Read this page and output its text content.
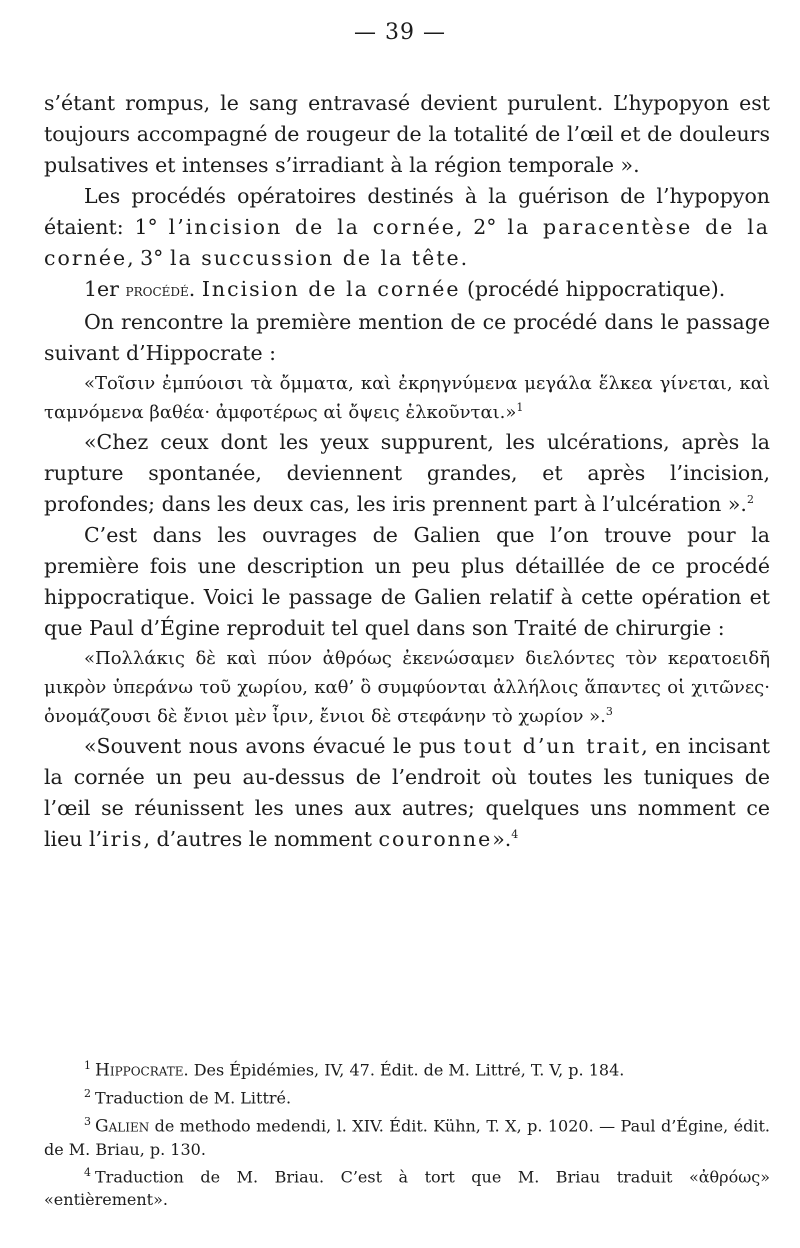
— 39 —

s’étant rompus, le sang entravasé devient purulent. L’hypopyon est toujours accompagné de rougeur de la totalité de l’œil et de douleurs pulsatives et intenses s’irradiant à la région temporale ».

Les procédés opératoires destinés à la guérison de l’hypopyon étaient: 1° l’incision de la cornée, 2° la paracentèse de la cornée, 3° la succussion de la tête.

1er procédé. Incision de la cornée (procédé hippocratique).

On rencontre la première mention de ce procédé dans le passage suivant d’Hippocrate :

«Τοῖσιν ἐμπύοισι τὰ ὄμματα, καὶ ἐκρηγνύμενα μεγάλα ἕλκεα γίνεται, καὶ ταμνόμενα βαθέα· ἀμφοτέρως αἱ ὄψεις ἑλκοῦνται.»$^1$

«Chez ceux dont les yeux suppurent, les ulcérations, après la rupture spontanée, deviennent grandes, et après l’incision, profondes; dans les deux cas, les iris prennent part à l’ulcération ».$^2$

C’est dans les ouvrages de Galien que l’on trouve pour la première fois une description un peu plus détaillée de ce procédé hippocratique. Voici le passage de Galien relatif à cette opération et que Paul d’Égine reproduit tel quel dans son Traité de chirurgie :

«Πολλάκις δὲ καὶ πύον ἀθρόως ἐκενώσαμεν διελόντες τὸν κερατοειδῆ μικρὸν ὑπεράνω τοῦ χωρίου, καθ’ ὃ συμφύονται ἀλλήλοις ἅπαντες οἱ χιτῶνες· ὀνομάζουσι δὲ ἔνιοι μὲν ἶριν, ἔνιοι δὲ στεφάνην τὸ χωρίον ».$^3$

«Souvent nous avons évacué le pus tout d’un trait, en incisant la cornée un peu au-dessus de l’endroit où toutes les tuniques de l’œil se réunissent les unes aux autres; quelques uns nomment ce lieu l’iris, d’autres le nomment couronne».$^4$

$^1$ Hippocrate. Des Épidémies, IV, 47. Édit. de M. Littré, T. V, p. 184.

$^2$ Traduction de M. Littré.

$^3$ Galien de methodo medendi, l. XIV. Édit. Kühn, T. X, p. 1020. — Paul d’Égine, édit. de M. Briau, p. 130.

$^4$ Traduction de M. Briau. C’est à tort que M. Briau traduit «ἀθρόως» «entièrement».
